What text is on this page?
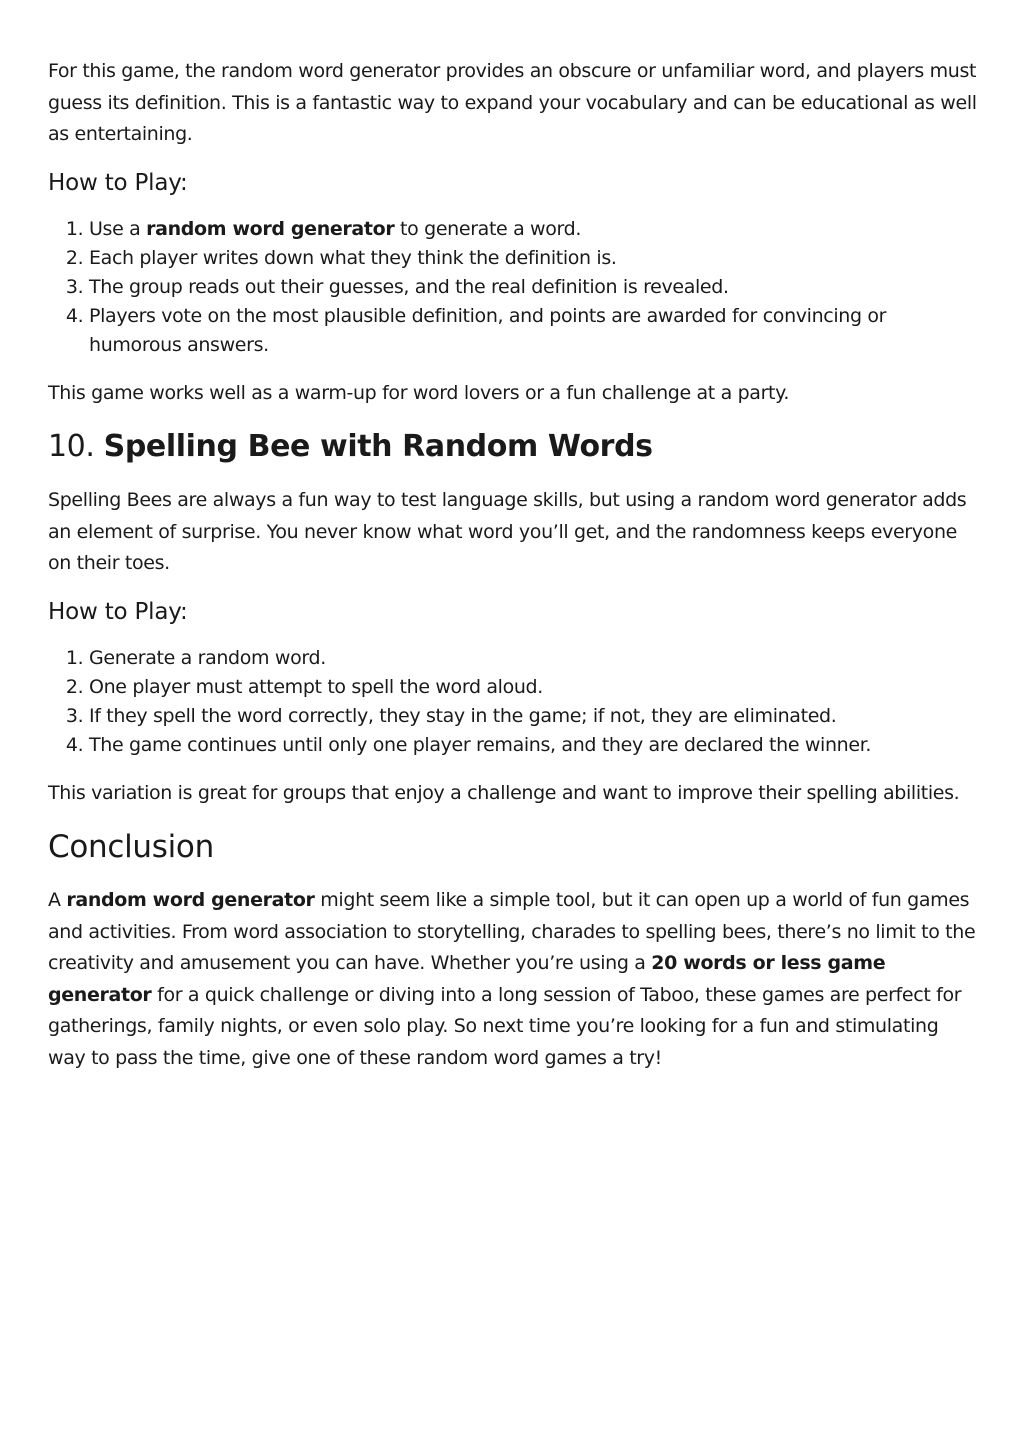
For this game, the random word generator provides an obscure or unfamiliar word, and players must guess its definition. This is a fantastic way to expand your vocabulary and can be educational as well as entertaining.

How to Play:
1. Use a random word generator to generate a word.
2. Each player writes down what they think the definition is.
3. The group reads out their guesses, and the real definition is revealed.
4. Players vote on the most plausible definition, and points are awarded for convincing or humorous answers.

This game works well as a warm-up for word lovers or a fun challenge at a party.

10. Spelling Bee with Random Words

Spelling Bees are always a fun way to test language skills, but using a random word generator adds an element of surprise. You never know what word you’ll get, and the randomness keeps everyone on their toes.

How to Play:
1. Generate a random word.
2. One player must attempt to spell the word aloud.
3. If they spell the word correctly, they stay in the game; if not, they are eliminated.
4. The game continues until only one player remains, and they are declared the winner.

This variation is great for groups that enjoy a challenge and want to improve their spelling abilities.

Conclusion

A random word generator might seem like a simple tool, but it can open up a world of fun games and activities. From word association to storytelling, charades to spelling bees, there’s no limit to the creativity and amusement you can have. Whether you’re using a 20 words or less game generator for a quick challenge or diving into a long session of Taboo, these games are perfect for gatherings, family nights, or even solo play. So next time you’re looking for a fun and stimulating way to pass the time, give one of these random word games a try!
